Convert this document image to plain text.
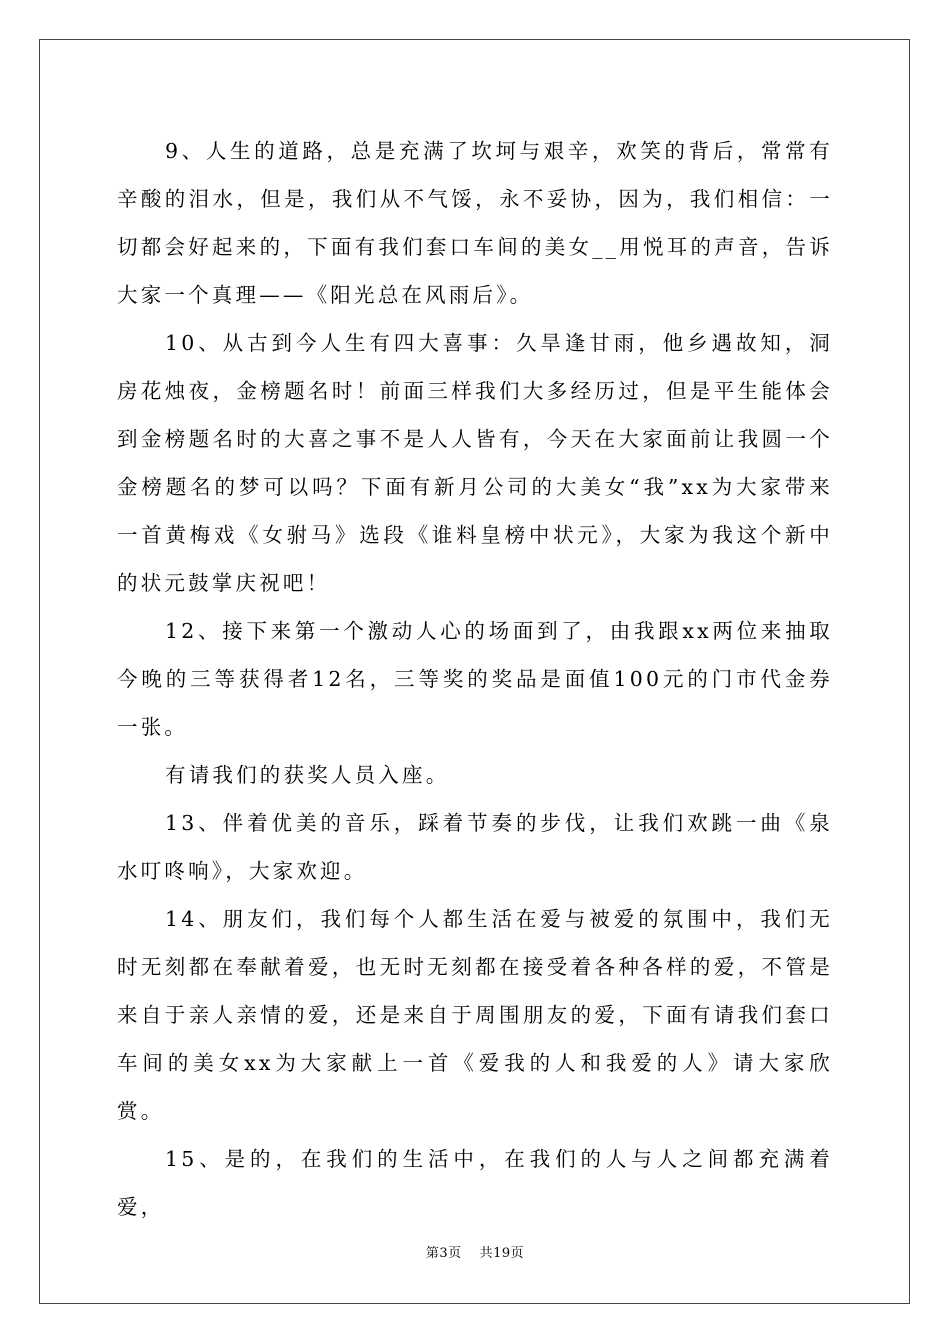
9、人生的道路，总是充满了坎坷与艰辛，欢笑的背后，常常有辛酸的泪水，但是，我们从不气馁，永不妥协，因为，我们相信：一切都会好起来的，下面有我们套口车间的美女__用悦耳的声音，告诉大家一个真理——《阳光总在风雨后》。

10、从古到今人生有四大喜事：久旱逢甘雨，他乡遇故知，洞房花烛夜，金榜题名时！前面三样我们大多经历过，但是平生能体会到金榜题名时的大喜之事不是人人皆有，今天在大家面前让我圆一个金榜题名的梦可以吗？下面有新月公司的大美女“我”xx为大家带来一首黄梅戏《女驸马》选段《谁料皇榜中状元》，大家为我这个新中的状元鼓掌庆祝吧！

12、接下来第一个激动人心的场面到了，由我跟xx两位来抽取今晚的三等获得者12名，三等奖的奖品是面值100元的门市代金券一张。

有请我们的获奖人员入座。

13、伴着优美的音乐，踩着节奏的步伐，让我们欢跳一曲《泉水叮咚响》，大家欢迎。

14、朋友们，我们每个人都生活在爱与被爱的氛围中，我们无时无刻都在奉献着爱，也无时无刻都在接受着各种各样的爱，不管是来自于亲人亲情的爱，还是来自于周围朋友的爱，下面有请我们套口车间的美女xx为大家献上一首《爱我的人和我爱的人》请大家欣赏。

15、是的，在我们的生活中，在我们的人与人之间都充满着爱，

第3页 共19页
